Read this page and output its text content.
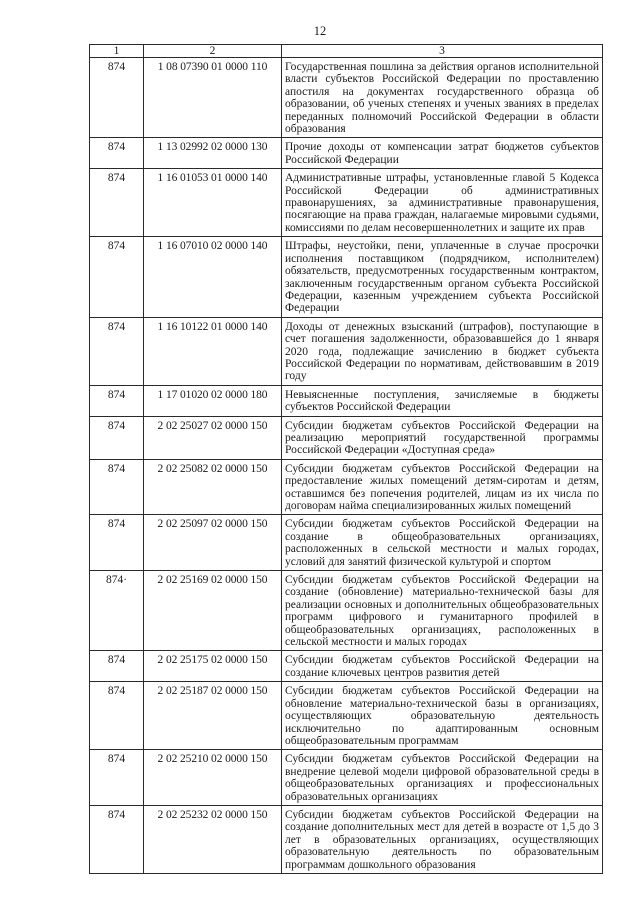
12
1	2	3
874	1 08 07390 01 0000 110	Государственная пошлина за действия органов исполнительной власти субъектов Российской Федерации по проставлению апостиля на документах государственного образца об образовании, об ученых степенях и ученых званиях в пределах переданных полномочий Российской Федерации в области образования
874	1 13 02992 02 0000 130	Прочие доходы от компенсации затрат бюджетов субъектов Российской Федерации
874	1 16 01053 01 0000 140	Административные штрафы, установленные главой 5 Кодекса Российской Федерации об административных правонарушениях, за административные правонарушения, посягающие на права граждан, налагаемые мировыми судьями, комиссиями по делам несовершеннолетних и защите их прав
874	1 16 07010 02 0000 140	Штрафы, неустойки, пени, уплаченные в случае просрочки исполнения поставщиком (подрядчиком, исполнителем) обязательств, предусмотренных государственным контрактом, заключенным государственным органом субъекта Российской Федерации, казенным учреждением субъекта Российской Федерации
874	1 16 10122 01 0000 140	Доходы от денежных взысканий (штрафов), поступающие в счет погашения задолженности, образовавшейся до 1 января 2020 года, подлежащие зачислению в бюджет субъекта Российской Федерации по нормативам, действовавшим в 2019 году
874	1 17 01020 02 0000 180	Невыясненные поступления, зачисляемые в бюджеты субъектов Российской Федерации
874	2 02 25027 02 0000 150	Субсидии бюджетам субъектов Российской Федерации на реализацию мероприятий государственной программы Российской Федерации «Доступная среда»
874	2 02 25082 02 0000 150	Субсидии бюджетам субъектов Российской Федерации на предоставление жилых помещений детям-сиротам и детям, оставшимся без попечения родителей, лицам из их числа по договорам найма специализированных жилых помещений
874	2 02 25097 02 0000 150	Субсидии бюджетам субъектов Российской Федерации на создание в общеобразовательных организациях, расположенных в сельской местности и малых городах, условий для занятий физической культурой и спортом
874·	2 02 25169 02 0000 150	Субсидии бюджетам субъектов Российской Федерации на создание (обновление) материально-технической базы для реализации основных и дополнительных общеобразовательных программ цифрового и гуманитарного профилей в общеобразовательных организациях, расположенных в сельской местности и малых городах
874	2 02 25175 02 0000 150	Субсидии бюджетам субъектов Российской Федерации на создание ключевых центров развития детей
874	2 02 25187 02 0000 150	Субсидии бюджетам субъектов Российской Федерации на обновление материально-технической базы в организациях, осуществляющих образовательную деятельность исключительно по адаптированным основным общеобразовательным программам
874	2 02 25210 02 0000 150	Субсидии бюджетам субъектов Российской Федерации на внедрение целевой модели цифровой образовательной среды в общеобразовательных организациях и профессиональных образовательных организациях
874	2 02 25232 02 0000 150	Субсидии бюджетам субъектов Российской Федерации на создание дополнительных мест для детей в возрасте от 1,5 до 3 лет в образовательных организациях, осуществляющих образовательную деятельность по образовательным программам дошкольного образования
